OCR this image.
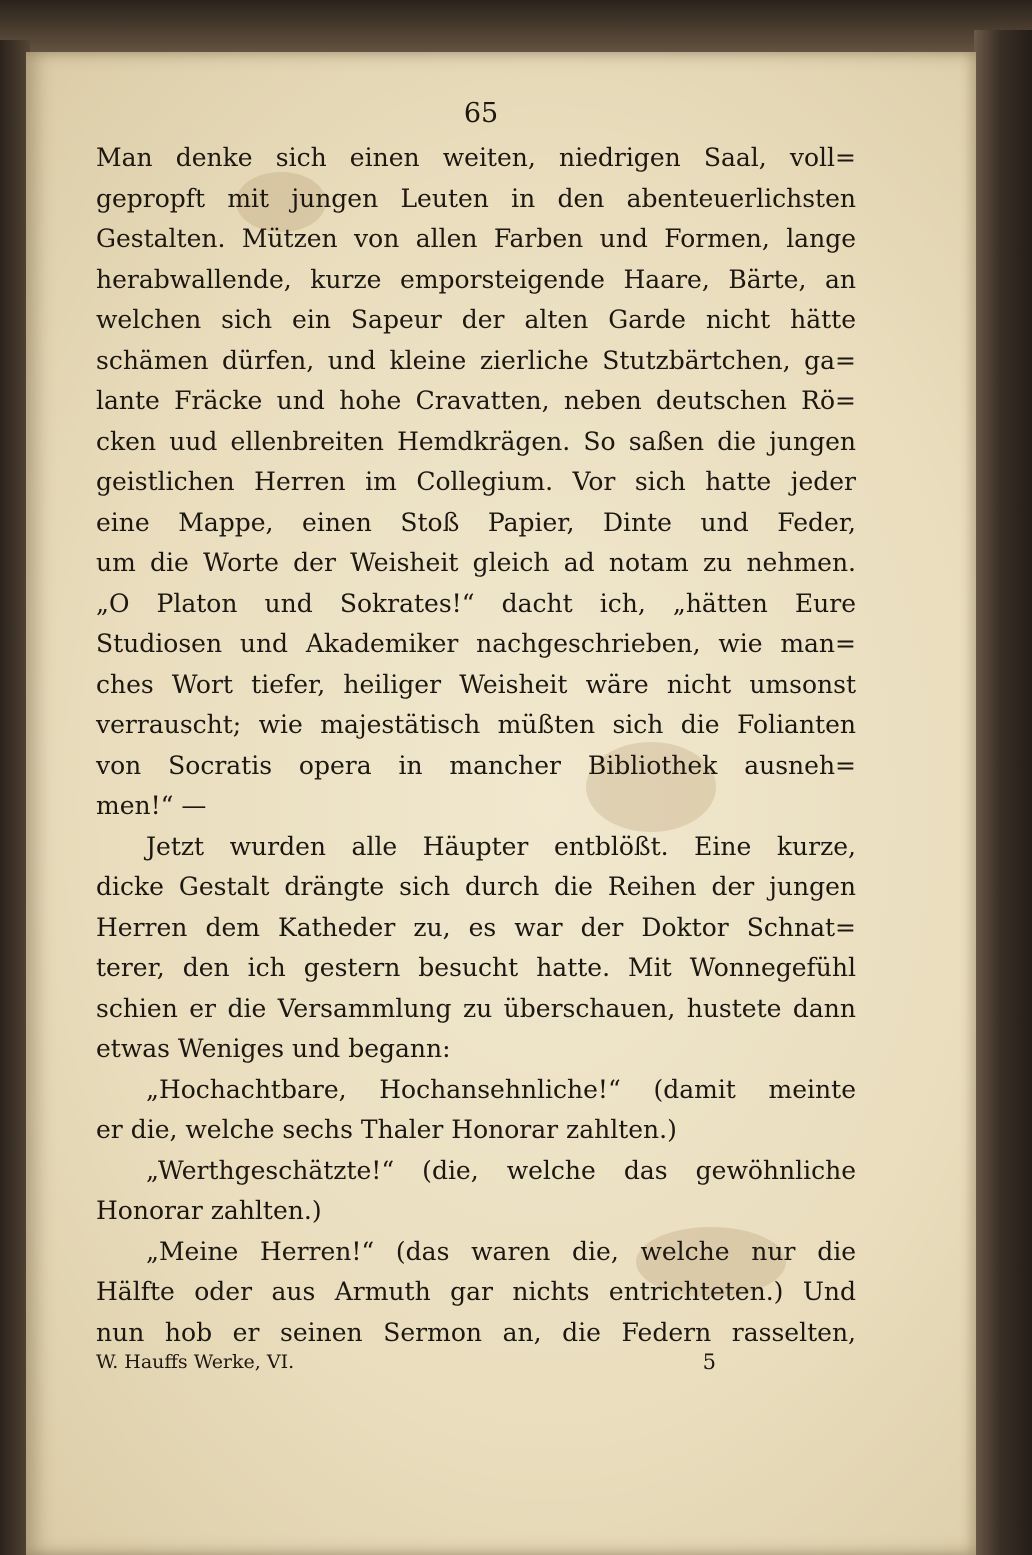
65
Man denke sich einen weiten, niedrigen Saal, voll=
gepropft mit jungen Leuten in den abenteuerlichsten
Gestalten. Mützen von allen Farben und Formen, lange
herabwallende, kurze emporsteigende Haare, Bärte, an
welchen sich ein Sapeur der alten Garde nicht hätte
schämen dürfen, und kleine zierliche Stutzbärtchen, ga=
lante Fräcke und hohe Cravatten, neben deutschen Rö=
cken uud ellenbreiten Hemdkrägen. So saßen die jungen
geistlichen Herren im Collegium. Vor sich hatte jeder
eine Mappe, einen Stoß Papier, Dinte und Feder,
um die Worte der Weisheit gleich ad notam zu nehmen.
„O Platon und Sokrates!“ dacht ich, „hätten Eure
Studiosen und Akademiker nachgeschrieben, wie man=
ches Wort tiefer, heiliger Weisheit wäre nicht umsonst
verrauscht; wie majestätisch müßten sich die Folianten
von Socratis opera in mancher Bibliothek ausneh=
men!“ —
Jetzt wurden alle Häupter entblößt. Eine kurze,
dicke Gestalt drängte sich durch die Reihen der jungen
Herren dem Katheder zu, es war der Doktor Schnat=
terer, den ich gestern besucht hatte. Mit Wonnegefühl
schien er die Versammlung zu überschauen, hustete dann
etwas Weniges und begann:
„Hochachtbare, Hochansehnliche!“ (damit meinte
er die, welche sechs Thaler Honorar zahlten.)
„Werthgeschätzte!“ (die, welche das gewöhnliche
Honorar zahlten.)
„Meine Herren!“ (das waren die, welche nur die
Hälfte oder aus Armuth gar nichts entrichteten.) Und
nun hob er seinen Sermon an, die Federn rasselten,
W. Hauffs Werke, VI.	5
